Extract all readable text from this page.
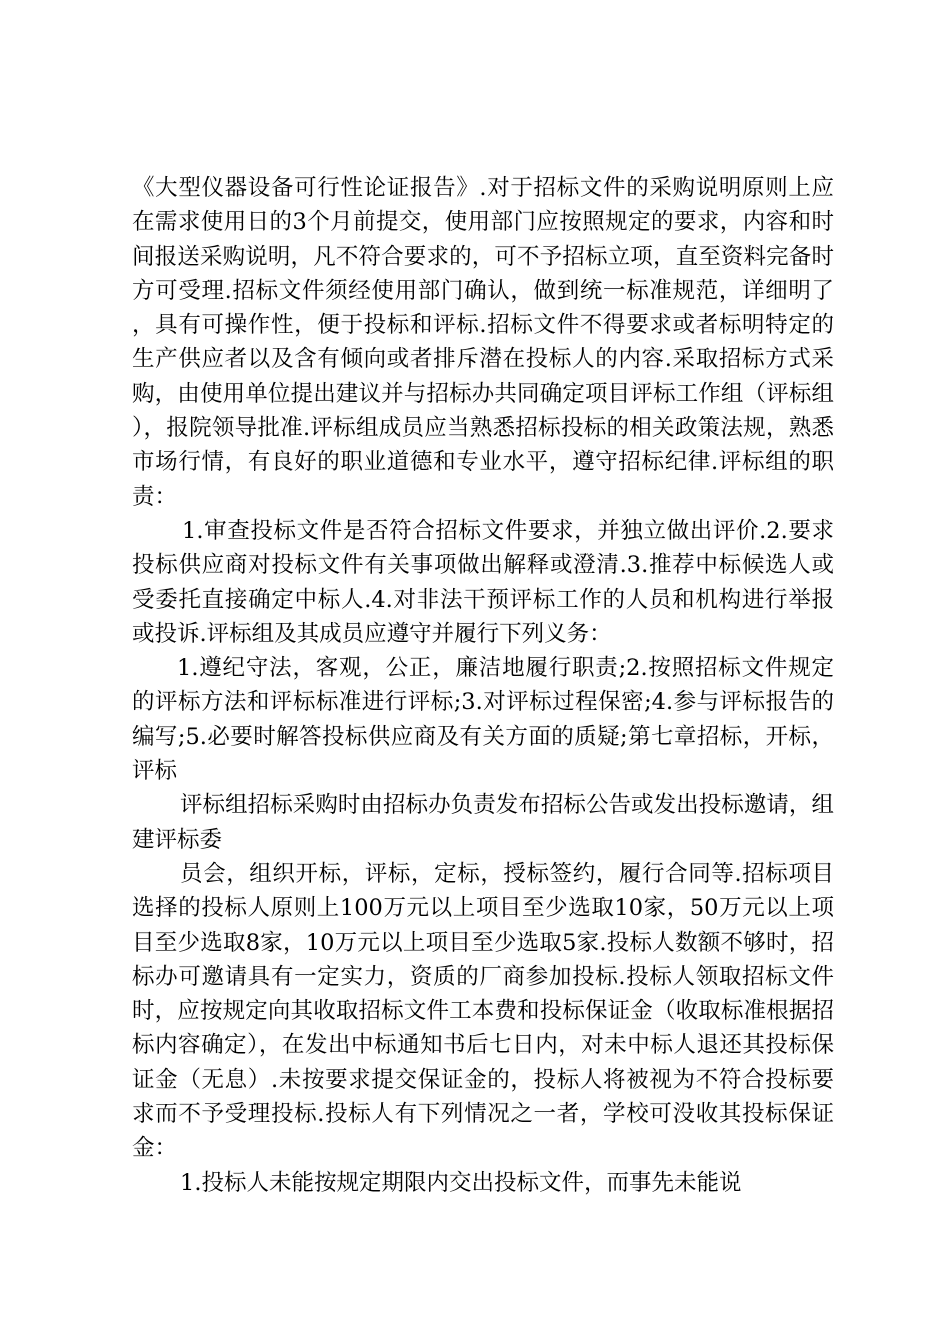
《大型仪器设备可行性论证报告》.对于招标文件的采购说明原则上应在需求使用日的3个月前提交，使用部门应按照规定的要求，内容和时间报送采购说明，凡不符合要求的，可不予招标立项，直至资料完备时方可受理.招标文件须经使用部门确认，做到统一标准规范，详细明了，具有可操作性，便于投标和评标.招标文件不得要求或者标明特定的生产供应者以及含有倾向或者排斥潜在投标人的内容.采取招标方式采购，由使用单位提出建议并与招标办共同确定项目评标工作组（评标组），报院领导批准.评标组成员应当熟悉招标投标的相关政策法规，熟悉市场行情，有良好的职业道德和专业水平，遵守招标纪律.评标组的职责：

1.审查投标文件是否符合招标文件要求，并独立做出评价.2.要求投标供应商对投标文件有关事项做出解释或澄清.3.推荐中标候选人或受委托直接确定中标人.4.对非法干预评标工作的人员和机构进行举报或投诉.评标组及其成员应遵守并履行下列义务：

1.遵纪守法，客观，公正，廉洁地履行职责;2.按照招标文件规定的评标方法和评标标准进行评标;3.对评标过程保密;4.参与评标报告的编写;5.必要时解答投标供应商及有关方面的质疑;第七章招标，开标，评标

评标组招标采购时由招标办负责发布招标公告或发出投标邀请，组建评标委

员会，组织开标，评标，定标，授标签约，履行合同等.招标项目选择的投标人原则上100万元以上项目至少选取10家，50万元以上项目至少选取8家，10万元以上项目至少选取5家.投标人数额不够时，招标办可邀请具有一定实力，资质的厂商参加投标.投标人领取招标文件时，应按规定向其收取招标文件工本费和投标保证金（收取标准根据招标内容确定），在发出中标通知书后七日内，对未中标人退还其投标保证金（无息）.未按要求提交保证金的，投标人将被视为不符合投标要求而不予受理投标.投标人有下列情况之一者，学校可没收其投标保证金：

1.投标人未能按规定期限内交出投标文件，而事先未能说
